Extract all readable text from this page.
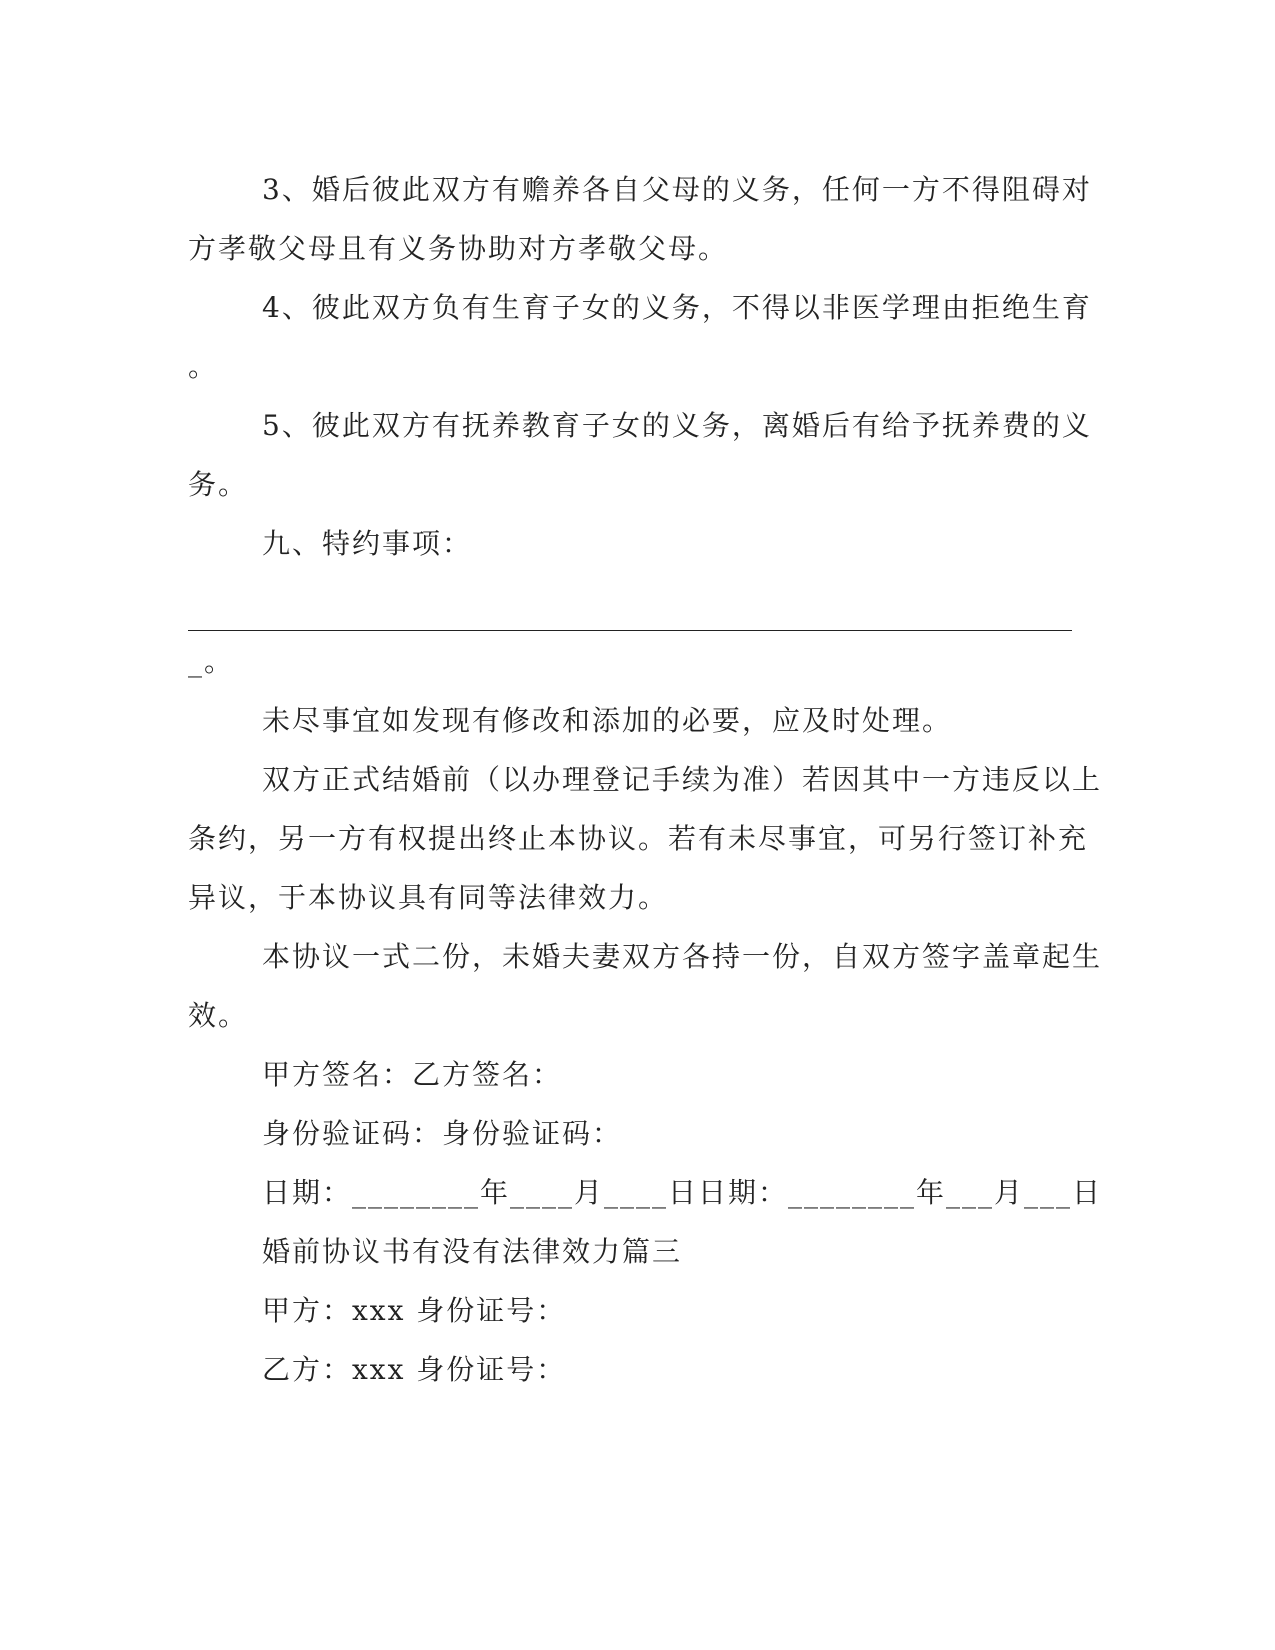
3、婚后彼此双方有赡养各自父母的义务，任何一方不得阻碍对
方孝敬父母且有义务协助对方孝敬父母。
4、彼此双方负有生育子女的义务，不得以非医学理由拒绝生育
。
5、彼此双方有抚养教育子女的义务，离婚后有给予抚养费的义
务。
九、特约事项：
_。
未尽事宜如发现有修改和添加的必要，应及时处理。
双方正式结婚前（以办理登记手续为准）若因其中一方违反以上
条约，另一方有权提出终止本协议。若有未尽事宜，可另行签订补充
异议，于本协议具有同等法律效力。
本协议一式二份，未婚夫妻双方各持一份，自双方签字盖章起生
效。
甲方签名：乙方签名：
身份验证码：身份验证码：
日期：________年____月____日日期：________年___月___日
婚前协议书有没有法律效力篇三
甲方：xxx 身份证号：
乙方：xxx 身份证号：
